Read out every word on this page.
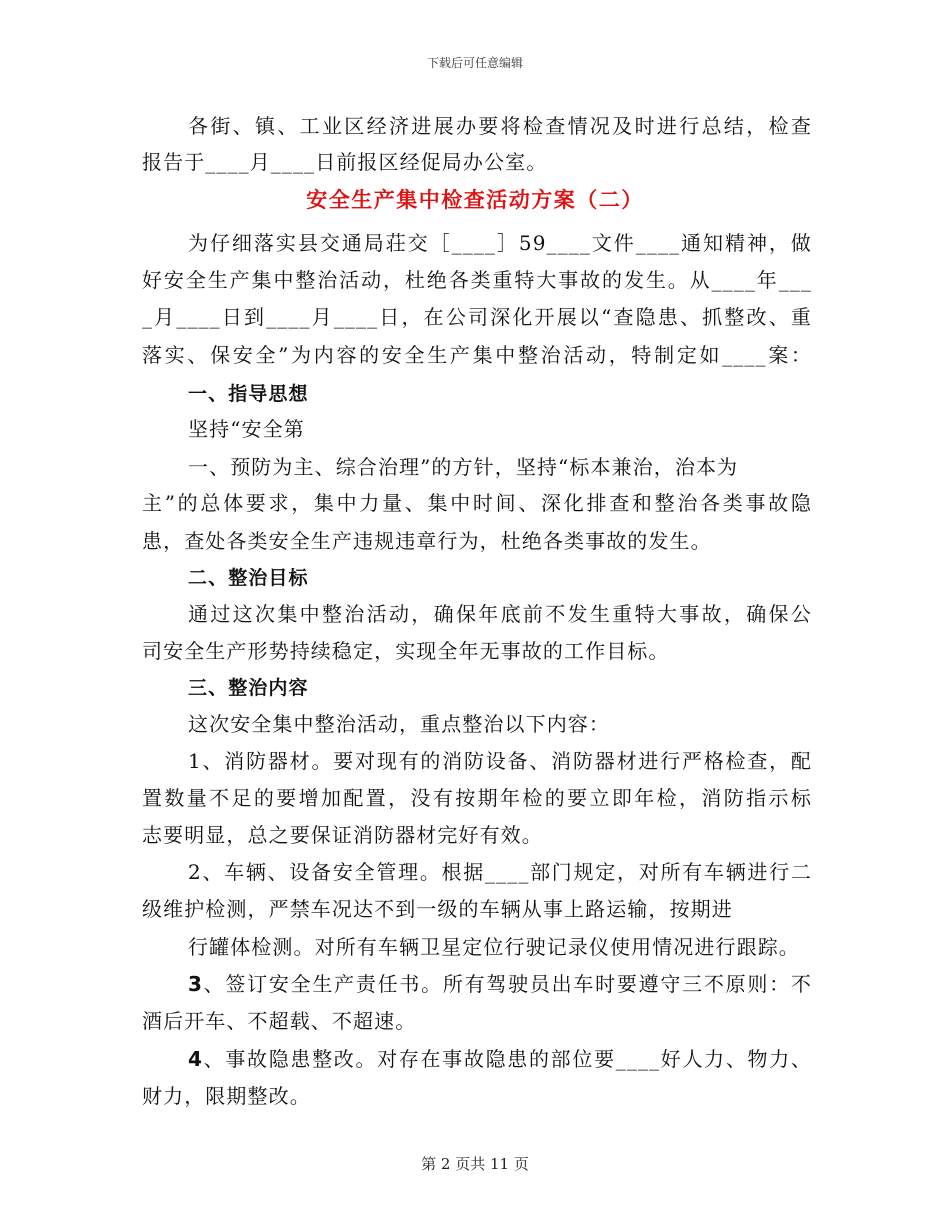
下载后可任意编辑
各街、镇、工业区经济进展办要将检查情况及时进行总结，检查
报告于____月____日前报区经促局办公室。
安全生产集中检查活动方案（二）
为仔细落实县交通局荘交［____］59____文件____通知精神，做
好安全生产集中整治活动，杜绝各类重特大事故的发生。从____年___
_月____日到____月____日，在公司深化开展以“查隐患、抓整改、重
落实、保安全”为内容的安全生产集中整治活动，特制定如____案：
一、指导思想
坚持“安全第
一、预防为主、综合治理”的方针，坚持“标本兼治，治本为
主”的总体要求，集中力量、集中时间、深化排查和整治各类事故隐
患，查处各类安全生产违规违章行为，杜绝各类事故的发生。
二、整治目标
通过这次集中整治活动，确保年底前不发生重特大事故，确保公
司安全生产形势持续稳定，实现全年无事故的工作目标。
三、整治内容
这次安全集中整治活动，重点整治以下内容：
1、消防器材。要对现有的消防设备、消防器材进行严格检查，配
置数量不足的要增加配置，没有按期年检的要立即年检，消防指示标
志要明显，总之要保证消防器材完好有效。
2、车辆、设备安全管理。根据____部门规定，对所有车辆进行二
级维护检测，严禁车况达不到一级的车辆从事上路运输，按期进
行罐体检测。对所有车辆卫星定位行驶记录仪使用情况进行跟踪。
3、签订安全生产责任书。所有驾驶员出车时要遵守三不原则：不
酒后开车、不超载、不超速。
4、事故隐患整改。对存在事故隐患的部位要____好人力、物力、
财力，限期整改。
第 2 页共 11 页
